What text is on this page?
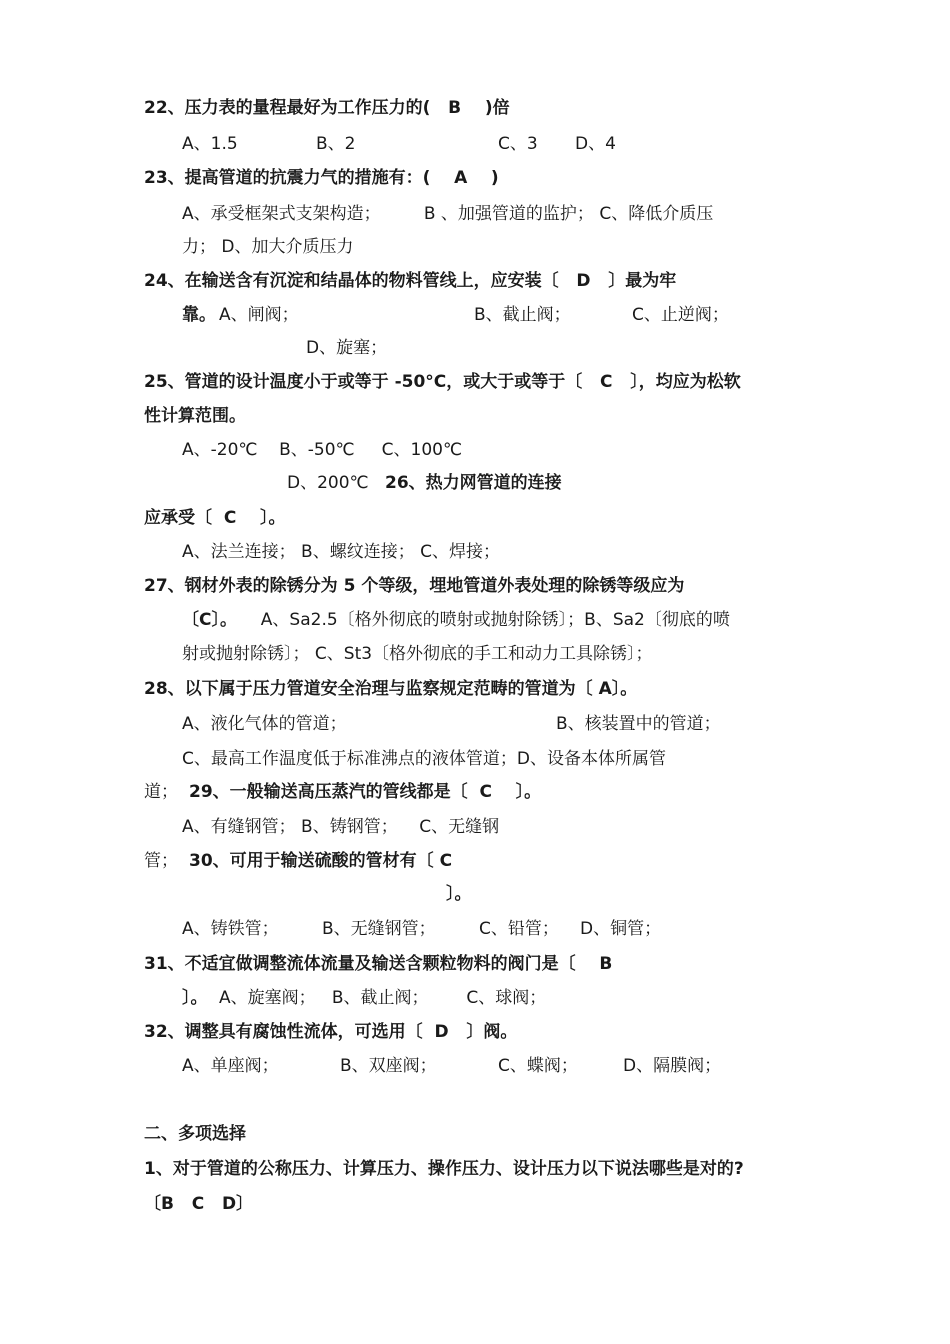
22、压力表的量程最好为工作压力的(   B    )倍
A、1.5	B、2	C、3 D、4
23、提高管道的抗震力气的措施有：(    A    )
A、承受框架式支架构造；        B 、加强管道的监护； C、降低介质压
力； D、加大介质压力
24、在输送含有沉淀和结晶体的物料管线上，应安装〔   D   〕最为牢
靠。 A、闸阀；	B、截止阀；	C、止逆阀；
D、旋塞；
25、管道的设计温度小于或等于 -50°C，或大于或等于〔   C   〕，均应为松软
性计算范围。
A、-20℃    B、-50℃     C、100℃
D、200℃ 26、热力网管道的连接
应承受〔  C    〕。
A、法兰连接； B、螺纹连接； C、焊接；
27、钢材外表的除锈分为 5 个等级，埋地管道外表处理的除锈等级应为
〔C〕。 A、Sa2.5〔格外彻底的喷射或抛射除锈〕；B、Sa2〔彻底的喷
射或抛射除锈〕； C、St3〔格外彻底的手工和动力工具除锈〕；
28、以下属于压力管道安全治理与监察规定范畴的管道为〔 A〕。
A、液化气体的管道；	B、核装置中的管道；
C、最高工作温度低于标准沸点的液体管道；D、设备本体所属管
道； 29、一般输送高压蒸汽的管线都是〔  C    〕。
A、有缝钢管； B、铸钢管；    C、无缝钢
管； 30、可用于输送硫酸的管材有〔 C
〕。
A、铸铁管；	B、无缝钢管；	C、铅管； D、铜管；
31、不适宜做调整流体流量及输送含颗粒物料的阀门是〔    B
〕。 A、旋塞阀；   B、截止阀；       C、球阀；
32、调整具有腐蚀性流体，可选用〔  D   〕阀。
A、单座阀；	B、双座阀；	C、蝶阀；	D、隔膜阀；
二、多项选择
1、对于管道的公称压力、计算压力、操作压力、设计压力以下说法哪些是对的?
〔B   C   D〕
